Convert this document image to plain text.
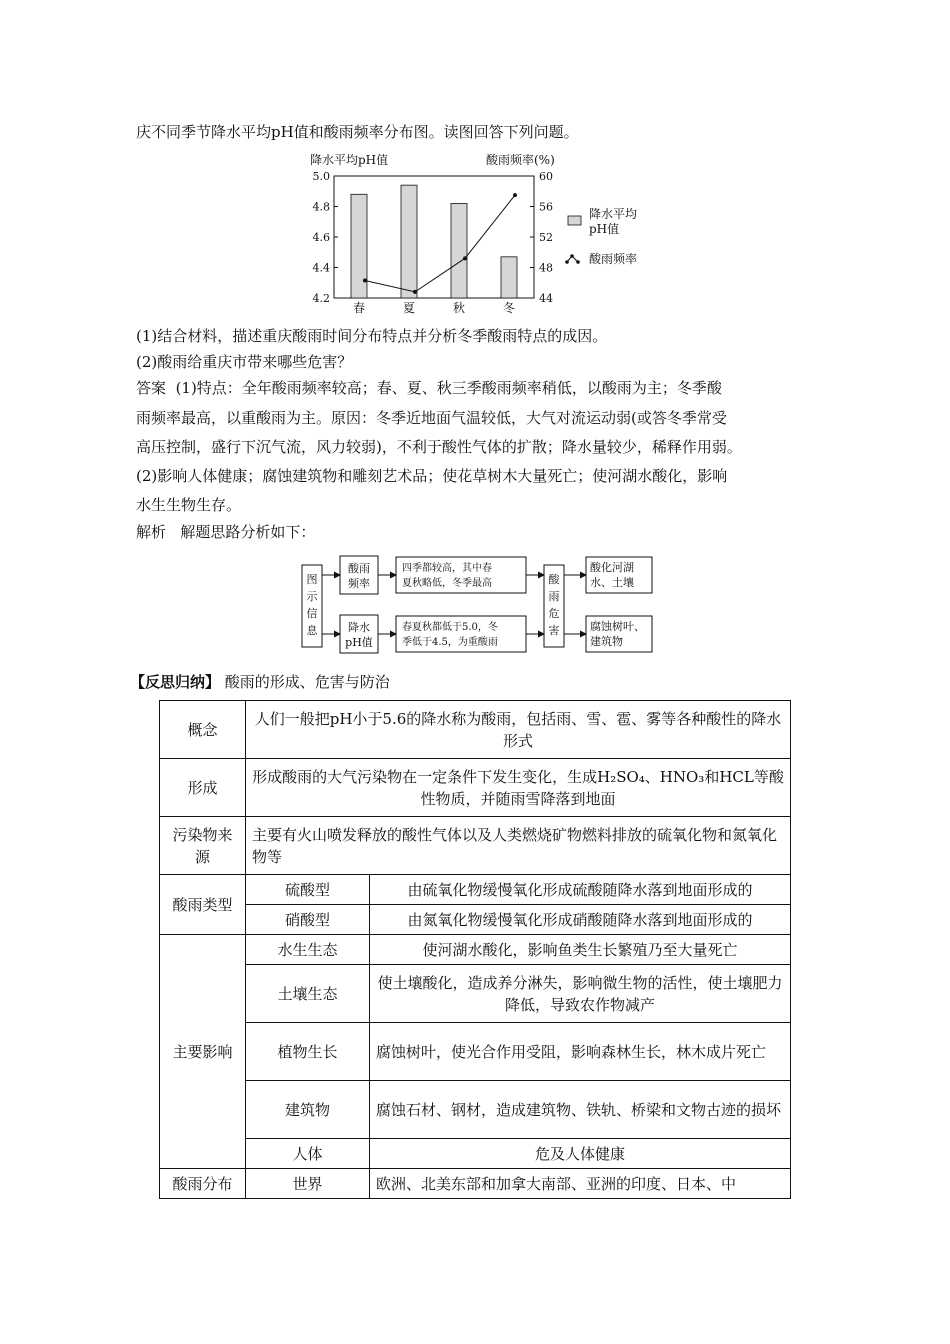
庆不同季节降水平均pH值和酸雨频率分布图。读图回答下列问题。
降水平均pH值	酸雨频率(%)
5.0
4.8
4.6
4.4
4.2
60
56
52
48
44
春	夏	秋	冬
降水平均
pH值
酸雨频率
(1)结合材料，描述重庆酸雨时间分布特点并分析冬季酸雨特点的成因。
(2)酸雨给重庆市带来哪些危害？
答案 (1)特点：全年酸雨频率较高；春、夏、秋三季酸雨频率稍低，以酸雨为主；冬季酸
雨频率最高，以重酸雨为主。原因：冬季近地面气温较低，大气对流运动弱(或答冬季常受
高压控制，盛行下沉气流，风力较弱)，不利于酸性气体的扩散；降水量较少，稀释作用弱。
(2)影响人体健康；腐蚀建筑物和雕刻艺术品；使花草树木大量死亡；使河湖水酸化，影响
水生生物生存。
解析 解题思路分析如下：
图
示
信
息
酸雨
频率
降水
pH值
四季都较高，其中春
夏秋略低，冬季最高
春夏秋都低于5.0，冬
季低于4.5，为重酸雨
酸
雨
危
害
酸化河湖
水、土壤
腐蚀树叶、
建筑物
【反思归纳】 酸雨的形成、危害与防治
概念	人们一般把pH小于5.6的降水称为酸雨，包括雨、雪、雹、雾等各种酸性的降水形式	
形成	形成酸雨的大气污染物在一定条件下发生变化，生成H₂SO₄、HNO₃和HCL等酸性物质，并随雨雪降落到地面	
污染物来源	主要有火山喷发释放的酸性气体以及人类燃烧矿物燃料排放的硫氧化物和氮氧化物等	
酸雨类型	硫酸型	由硫氧化物缓慢氧化形成硫酸随降水落到地面形成的
	硝酸型	由氮氧化物缓慢氧化形成硝酸随降水落到地面形成的
主要影响	水生生态	使河湖水酸化，影响鱼类生长繁殖乃至大量死亡
	土壤生态	使土壤酸化，造成养分淋失，影响微生物的活性，使土壤肥力降低，导致农作物减产
	植物生长	腐蚀树叶，使光合作用受阻，影响森林生长，林木成片死亡
	建筑物	腐蚀石材、钢材，造成建筑物、铁轨、桥梁和文物古迹的损坏
	人体	危及人体健康
酸雨分布	世界	欧洲、北美东部和加拿大南部、亚洲的印度、日本、中
